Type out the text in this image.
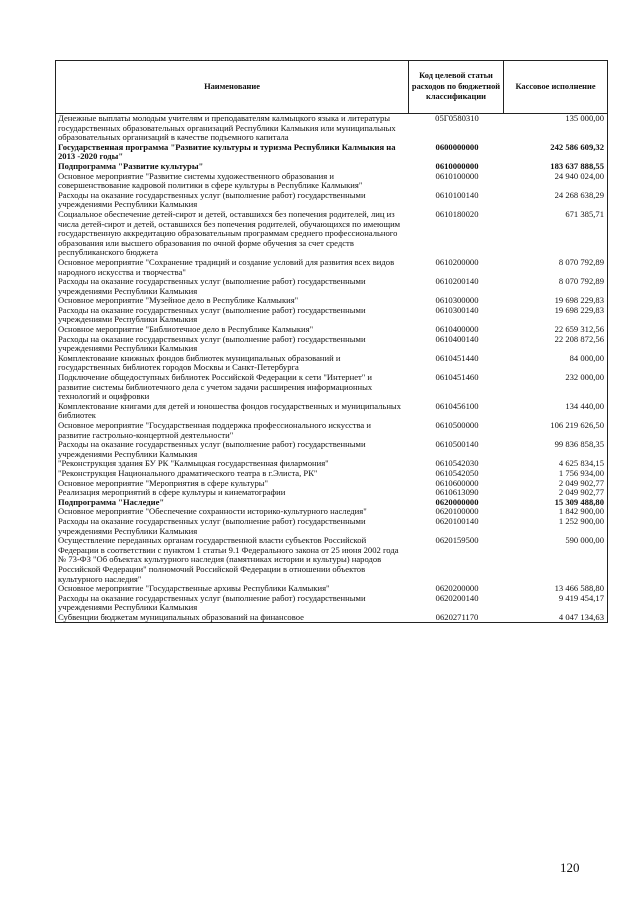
Наименование	Код целевой статьи расходов по бюджетной классификации	Кассовое исполнение
Денежные выплаты молодым учителям и преподавателям калмыцкого языка и литературы государственных образовательных организаций Республики Калмыкия или муниципальных образовательных организаций в качестве подъемного капитала	05Г0580310	135 000,00
Государственная программа "Развитие культуры и туризма Республики Калмыкия на 2013 -2020 годы"	0600000000	242 586 609,32
Подпрограмма "Развитие культуры"	0610000000	183 637 888,55
Основное мероприятие "Развитие системы художественного образования и совершенствование кадровой политики в сфере культуры в Республике Калмыкия"	0610100000	24 940 024,00
Расходы на оказание государственных услуг (выполнение работ) государственными учреждениями Республики Калмыкия	0610100140	24 268 638,29
Социальное обеспечение детей-сирот и детей, оставшихся без попечения родителей, лиц из числа детей-сирот и детей, оставшихся без попечения родителей, обучающихся по имеющим государственную аккредитацию образовательным программам среднего профессионального образования или высшего образования по очной форме обучения за счет средств республиканского бюджета	0610180020	671 385,71
Основное мероприятие "Сохранение традиций и создание условий для развития всех видов народного искусства и творчества"	0610200000	8 070 792,89
Расходы на оказание государственных услуг (выполнение работ) государственными учреждениями Республики Калмыкия	0610200140	8 070 792,89
Основное мероприятие "Музейное дело в Республике Калмыкия"	0610300000	19 698 229,83
Расходы на оказание государственных услуг (выполнение работ) государственными учреждениями Республики Калмыкия	0610300140	19 698 229,83
Основное мероприятие "Библиотечное дело в Республике Калмыкия"	0610400000	22 659 312,56
Расходы на оказание государственных услуг (выполнение работ) государственными учреждениями Республики Калмыкия	0610400140	22 208 872,56
Комплектование книжных фондов библиотек муниципальных образований и государственных библиотек городов Москвы и Санкт-Петербурга	0610451440	84 000,00
Подключение общедоступных библиотек Российской Федерации к сети "Интернет" и развитие системы библиотечного дела с учетом задачи расширения информационных технологий и оцифровки	0610451460	232 000,00
Комплектование книгами для детей и юношества фондов государственных и муниципальных библиотек	0610456100	134 440,00
Основное мероприятие "Государственная поддержка профессионального искусства и развитие гастрольно-концертной деятельности"	0610500000	106 219 626,50
Расходы на оказание государственных услуг (выполнение работ) государственными учреждениями Республики Калмыкия	0610500140	99 836 858,35
"Реконструкция здания БУ РК "Калмыцкая государственная филармония"	0610542030	4 625 834,15
"Реконструкция Национального драматического театра в г.Элиста, РК"	0610542050	1 756 934,00
Основное мероприятие "Мероприятия в сфере культуры"	0610600000	2 049 902,77
Реализация мероприятий в сфере культуры и кинематографии	0610613090	2 049 902,77
Подпрограмма "Наследие"	0620000000	15 309 488,80
Основное мероприятие "Обеспечение сохранности историко-культурного наследия"	0620100000	1 842 900,00
Расходы на оказание государственных услуг (выполнение работ) государственными учреждениями Республики Калмыкия	0620100140	1 252 900,00
Осуществление переданных органам государственной власти субъектов Российской Федерации в соответствии с пунктом 1 статьи 9.1 Федерального закона от 25 июня 2002 года № 73-ФЗ "Об объектах культурного наследия (памятниках истории и культуры) народов Российской Федерации" полномочий Российской Федерации в отношении объектов культурного наследия"	0620159500	590 000,00
Основное мероприятие "Государственные архивы Республики Калмыкия"	0620200000	13 466 588,80
Расходы на оказание государственных услуг (выполнение работ) государственными учреждениями Республики Калмыкия	0620200140	9 419 454,17
Субвенции бюджетам муниципальных образований на финансовое	0620271170	4 047 134,63
120
